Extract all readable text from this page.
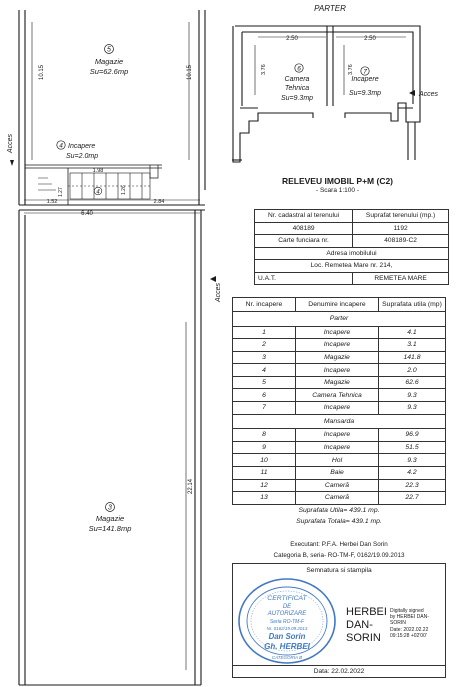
PARTER
2.50	2.50
3.76	3.76
6
Camera
Tehnica
Su=9.3mp
7
Incapere
Su=9.3mp	Acces
10.15	10.15
22.14
5
Magazie
Su=62.6mp
Acces	4 Incapere
Su=2.0mp
1.98
1.27	1.26
4
1.52	2.84
6.40
Acces
3
Magazie
Su=141.8mp
RELEVEU IMOBIL P+M (C2)
- Scara 1:100 -
Nr. cadastral al terenului	Suprafat terenului (mp.)
408189	1192
Carte funciara nr.	408189-C2
Adresa imobilului	
Loc. Remetea Mare nr. 214,	
U.A.T.	REMETEA MARE
Nr. incapere	Denumire incapere	Suprafata utila (mp)
Parter		
1	Incapere	4.1
2	Incapere	3.1
3	Magazie	141.8
4	Incapere	2.0
5	Magazie	62.6
6	Camera Tehnica	9.3
7	Incapere	9.3
Mansarda		
8	Incapere	96.9
9	Incapere	51.5
10	Hol	9.3
11	Baie	4.2
12	Cameră	22.3
13	Cameră	22.7
Suprafata Utila= 439.1 mp.		
Suprafata Totala= 439.1 mp.		
Executant: P.F.A. Herbei Dan Sorin
Categoria B, seria- RO-TM-F, 0162/19.09.2013
Semnatura si stampila
CERTIFICAT
DE
AUTORIZARE
Seria RO-TM-F
Nr. 0162/19.09.2013
Dan Sorin
Gh. HERBEI
CATEGORIA B
HERBEI
DAN-
SORIN
Digitally signed
by HERBEI DAN-
SORIN
Date: 2022.02.22
09:15:28 +02'00'
Data: 22.02.2022
